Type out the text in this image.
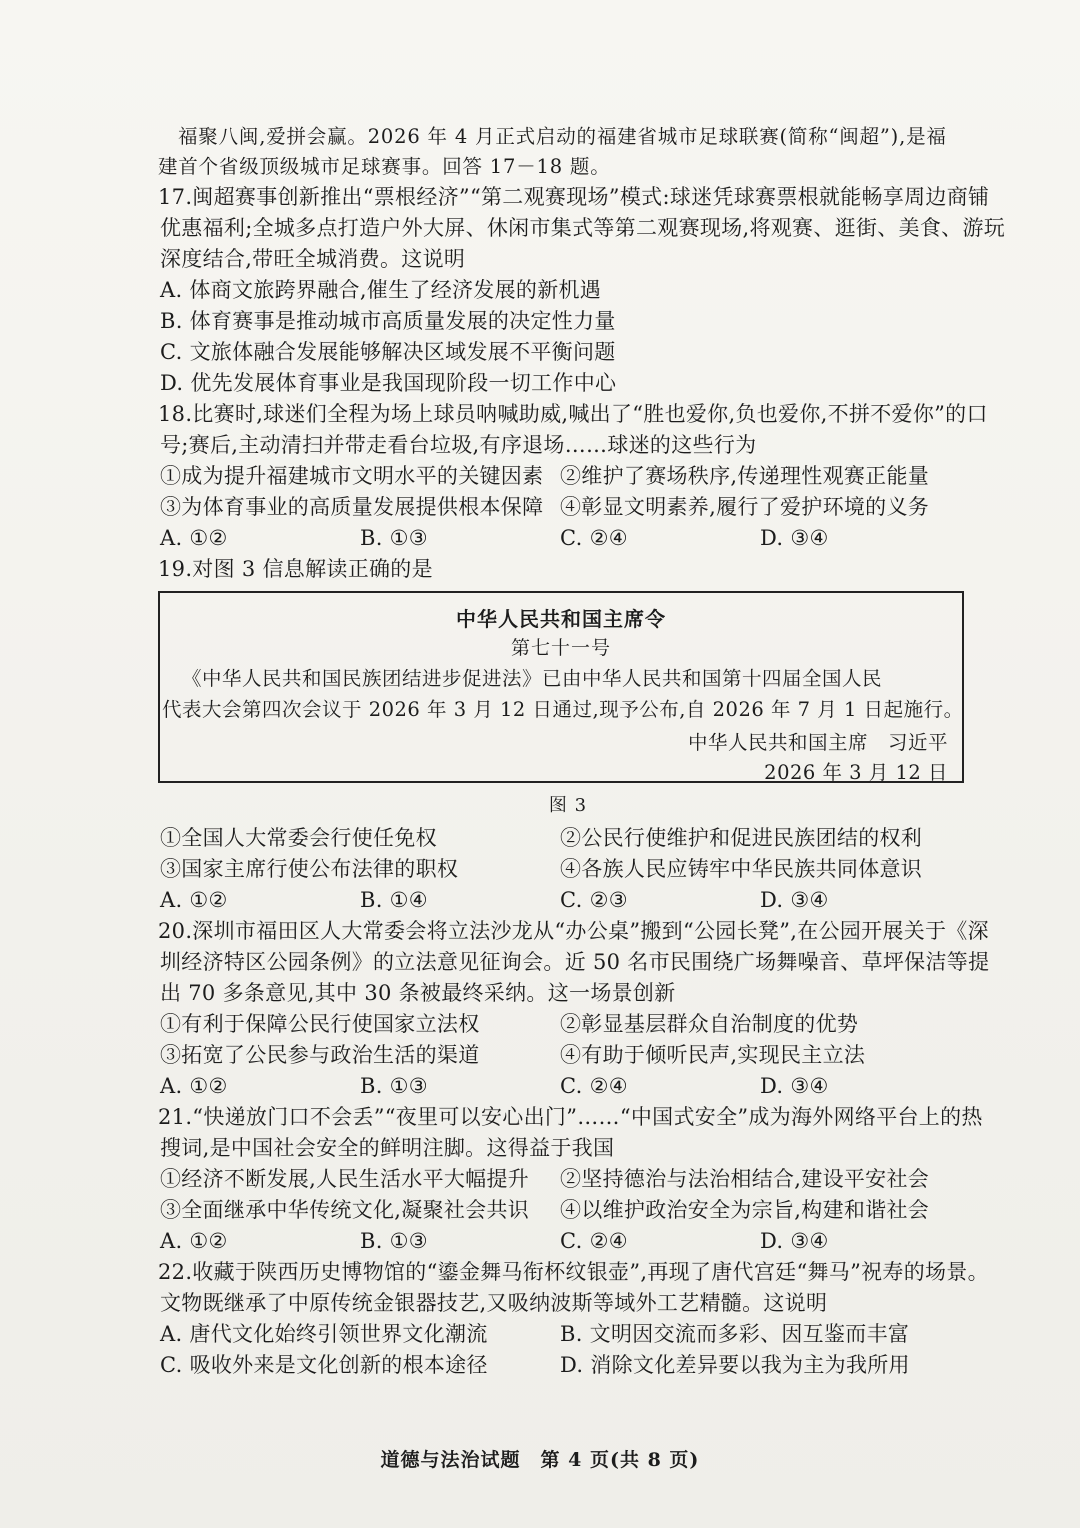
福聚八闽,爱拼会赢。2026 年 4 月正式启动的福建省城市足球联赛(简称“闽超”),是福

建首个省级顶级城市足球赛事。回答 17－18 题。

17.闽超赛事创新推出“票根经济”“第二观赛现场”模式:球迷凭球赛票根就能畅享周边商铺

优惠福利;全城多点打造户外大屏、休闲市集式等第二观赛现场,将观赛、逛街、美食、游玩

深度结合,带旺全城消费。这说明

A. 体商文旅跨界融合,催生了经济发展的新机遇

B. 体育赛事是推动城市高质量发展的决定性力量

C. 文旅体融合发展能够解决区域发展不平衡问题

D. 优先发展体育事业是我国现阶段一切工作中心

18.比赛时,球迷们全程为场上球员呐喊助威,喊出了“胜也爱你,负也爱你,不拼不爱你”的口

号;赛后,主动清扫并带走看台垃圾,有序退场……球迷的这些行为

①成为提升福建城市文明水平的关键因素 ②维护了赛场秩序,传递理性观赛正能量
③为体育事业的高质量发展提供根本保障 ④彰显文明素养,履行了爱护环境的义务
A. ①②	B. ①③	C. ②④	D. ③④

19.对图 3 信息解读正确的是

中华人民共和国主席令
第七十一号
《中华人民共和国民族团结进步促进法》已由中华人民共和国第十四届全国人民
代表大会第四次会议于 2026 年 3 月 12 日通过,现予公布,自 2026 年 7 月 1 日起施行。
中华人民共和国主席　习近平
2026 年 3 月 12 日

图 3

①全国人大常委会行使任免权	②公民行使维护和促进民族团结的权利
③国家主席行使公布法律的职权	④各族人民应铸牢中华民族共同体意识
A. ①②	B. ①④	C. ②③	D. ③④

20.深圳市福田区人大常委会将立法沙龙从“办公桌”搬到“公园长凳”,在公园开展关于《深

圳经济特区公园条例》的立法意见征询会。近 50 名市民围绕广场舞噪音、草坪保洁等提

出 70 多条意见,其中 30 条被最终采纳。这一场景创新

①有利于保障公民行使国家立法权	②彰显基层群众自治制度的优势
③拓宽了公民参与政治生活的渠道	④有助于倾听民声,实现民主立法
A. ①②	B. ①③	C. ②④	D. ③④

21.“快递放门口不会丢”“夜里可以安心出门”……“中国式安全”成为海外网络平台上的热

搜词,是中国社会安全的鲜明注脚。这得益于我国

①经济不断发展,人民生活水平大幅提升	②坚持德治与法治相结合,建设平安社会
③全面继承中华传统文化,凝聚社会共识	④以维护政治安全为宗旨,构建和谐社会
A. ①②	B. ①③	C. ②④	D. ③④

22.收藏于陕西历史博物馆的“鎏金舞马衔杯纹银壶”,再现了唐代宫廷“舞马”祝寿的场景。

文物既继承了中原传统金银器技艺,又吸纳波斯等域外工艺精髓。这说明

A. 唐代文化始终引领世界文化潮流	B. 文明因交流而多彩、因互鉴而丰富
C. 吸收外来是文化创新的根本途径	D. 消除文化差异要以我为主为我所用
道德与法治试题　第 4 页(共 8 页)
